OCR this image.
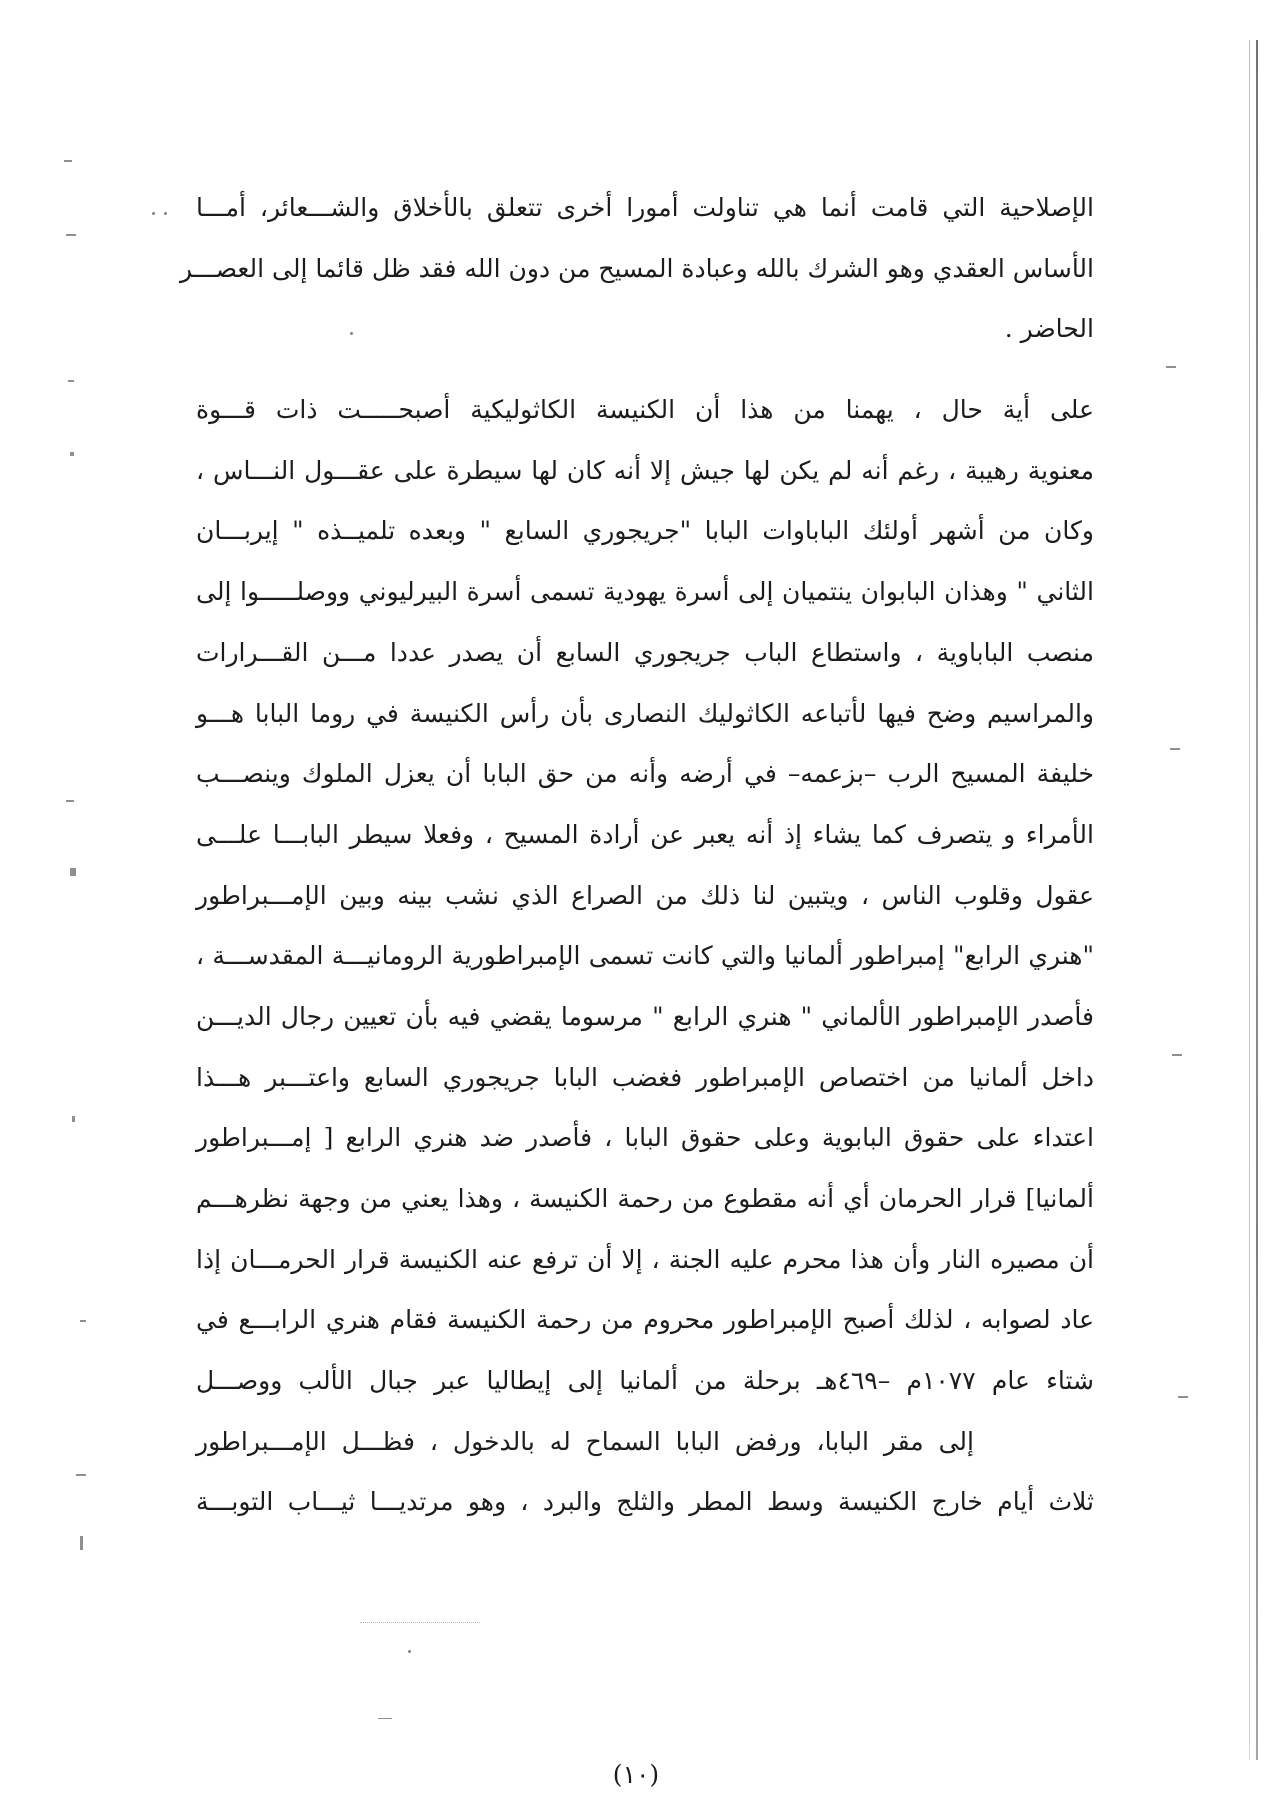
الإصلاحية التي قامت أنما هي تناولت أمورا أخرى تتعلق بالأخلاق والشـــعائر، أمـــا
الأساس العقدي وهو الشرك بالله وعبادة المسيح من دون الله فقد ظل قائما إلى العصـــر
الحاضر .
على أية حال ، يهمنا من هذا أن الكنيسة الكاثوليكية أصبحـــــت ذات قـــوة
معنوية رهيبة ، رغم أنه لم يكن لها جيش إلا أنه كان لها سيطرة على عقـــول النـــاس ،
وكان من أشهر أولئك الباباوات البابا "جريجوري السابع " وبعده تلميــذه " إيربـــان
الثاني " وهذان البابوان ينتميان إلى أسرة يهودية تسمى أسرة البيرليوني ووصلـــــوا إلى
منصب الباباوية ، واستطاع الباب جريجوري السابع أن يصدر عددا مـــن القـــرارات
والمراسيم وضح فيها لأتباعه الكاثوليك النصارى بأن رأس الكنيسة في روما البابا هـــو
خليفة المسيح الرب –بزعمه– في أرضه وأنه من حق البابا أن يعزل الملوك وينصـــب
الأمراء و يتصرف كما يشاء إذ أنه يعبر عن أرادة المسيح ، وفعلا سيطر البابـــا علـــى
عقول وقلوب الناس ، ويتبين لنا ذلك من الصراع الذي نشب بينه وبين الإمـــبراطور
"هنري الرابع" إمبراطور ألمانيا والتي كانت تسمى الإمبراطورية الرومانيـــة المقدســـة ،
فأصدر الإمبراطور الألماني " هنري الرابع " مرسوما يقضي فيه بأن تعيين رجال الديـــن
داخل ألمانيا من اختصاص الإمبراطور فغضب البابا جريجوري السابع واعتـــبر هـــذا
اعتداء على حقوق البابوية وعلى حقوق البابا ، فأصدر ضد هنري الرابع [ إمـــبراطور
ألمانيا] قرار الحرمان أي أنه مقطوع من رحمة الكنيسة ، وهذا يعني من وجهة نظرهـــم
أن مصيره النار وأن هذا محرم عليه الجنة ، إلا أن ترفع عنه الكنيسة قرار الحرمـــان إذا
عاد لصوابه ، لذلك أصبح الإمبراطور محروم من رحمة الكنيسة فقام هنري الرابـــع في
شتاء عام ١٠٧٧م –٤٦٩هـ برحلة من ألمانيا إلى إيطاليا عبر جبال الألب ووصـــل
إلى مقر البابا، ورفض البابا السماح له بالدخول ، فظـــل الإمـــبراطور
ثلاث أيام خارج الكنيسة وسط المطر والثلج والبرد ، وهو مرتديـــا ثيـــاب التوبـــة
(١٠)
